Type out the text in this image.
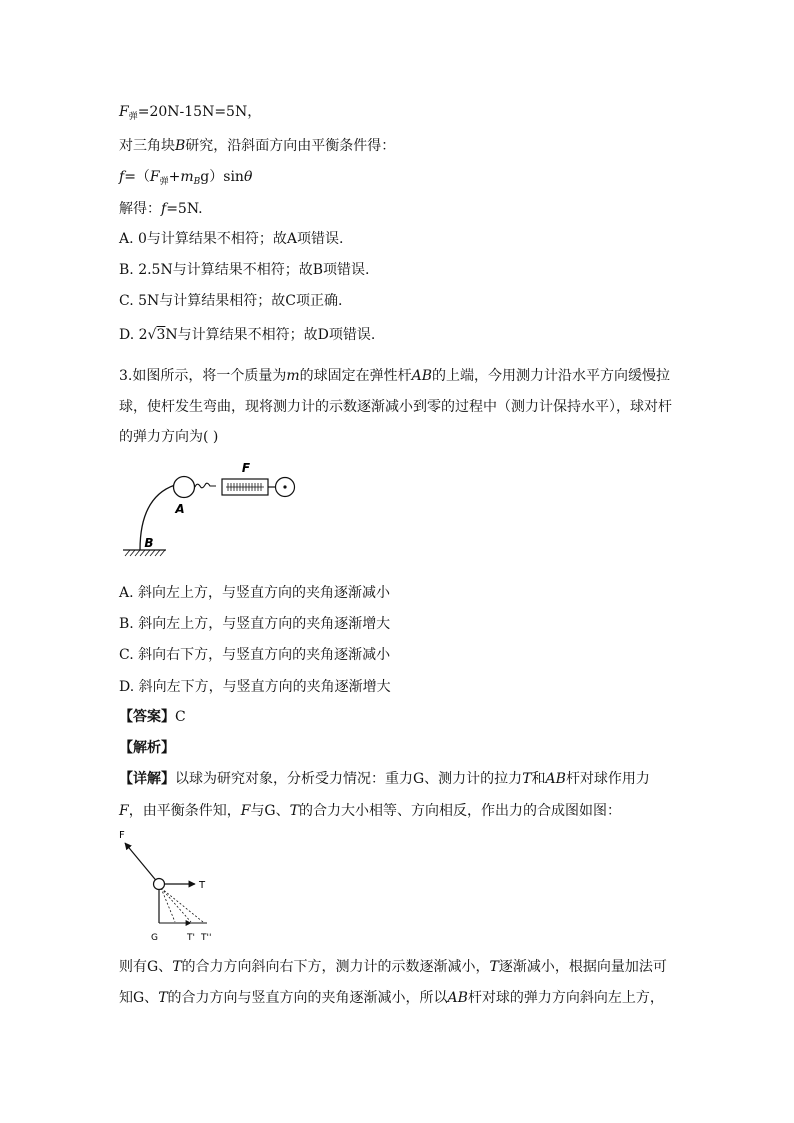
$F_弹=20N-15N=5N$，
对三角块B研究，沿斜面方向由平衡条件得：
$f=(F_弹+m_Bg)\sin\theta$
解得：f=5N.
A. 0与计算结果不相符；故A项错误.
B. 2.5N与计算结果不相符；故B项错误.
C. 5N与计算结果相符；故C项正确.
D. 2√3N与计算结果不相符；故D项错误.
3.如图所示，将一个质量为m的球固定在弹性杆AB的上端，今用测力计沿水平方向缓慢拉
球，使杆发生弯曲，现将测力计的示数逐渐减小到零的过程中（测力计保持水平），球对杆
的弹力方向为( )
F
A
B
A. 斜向左上方，与竖直方向的夹角逐渐减小
B. 斜向左上方，与竖直方向的夹角逐渐增大
C. 斜向右下方，与竖直方向的夹角逐渐减小
D. 斜向左下方，与竖直方向的夹角逐渐增大
【答案】C
【解析】
【详解】以球为研究对象，分析受力情况：重力G、测力计的拉力T和AB杆对球作用力
F，由平衡条件知，F与G、T的合力大小相等、方向相反，作出力的合成图如图：
F
T
G	T' T''
则有G、T的合力方向斜向右下方，测力计的示数逐渐减小，T逐渐减小，根据向量加法可
知G、T的合力方向与竖直方向的夹角逐渐减小，所以AB杆对球的弹力方向斜向左上方，
